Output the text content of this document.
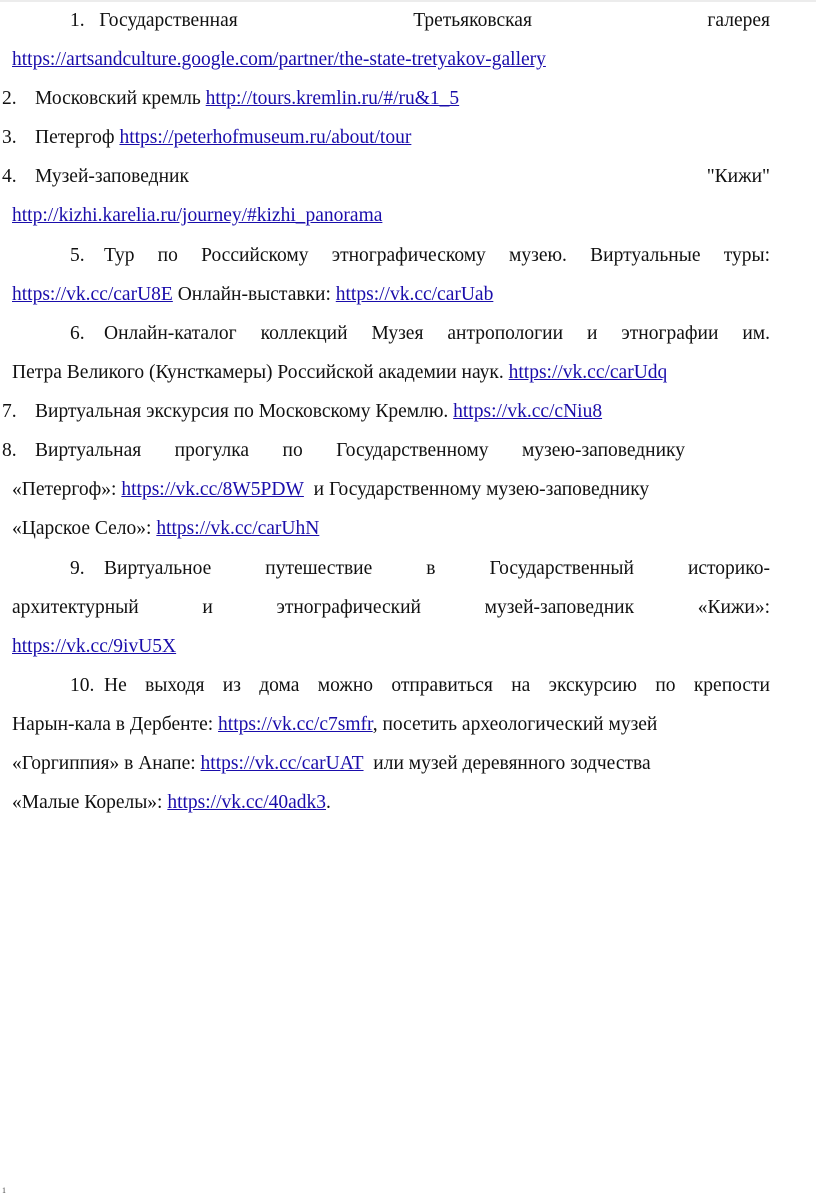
1. Государственная	Третьяковская	галерея
https://artsandculture.google.com/partner/the-state-tretyakov-gallery
2. Московский кремль http://tours.kremlin.ru/#/ru&1_5
3. Петергоф https://peterhofmuseum.ru/about/tour
4. Музей-заповедник	"Кижи"
http://kizhi.karelia.ru/journey/#kizhi_panorama
5. Тур по Российскому этнографическому музею. Виртуальные туры:
https://vk.cc/carU8E Онлайн-выставки: https://vk.cc/carUab
6. Онлайн-каталог коллекций Музея антропологии и этнографии им.
Петра Великого (Кунсткамеры) Российской академии наук. https://vk.cc/carUdq
7. Виртуальная экскурсия по Московскому Кремлю. https://vk.cc/cNiu8
8. Виртуальная прогулка по Государственному музею-заповеднику
«Петергоф»: https://vk.cc/8W5PDW и Государственному музею-заповеднику
«Царское Село»: https://vk.cc/carUhN
9. Виртуальное	путешествие	в	Государственный	историко-
архитектурный	и	этнографический	музей-заповедник	«Кижи»:
https://vk.cc/9ivU5X
10. Не выходя из дома можно отправиться на экскурсию по крепости
Нарын-кала в Дербенте: https://vk.cc/c7smfr, посетить археологический музей
«Горгиппия» в Анапе: https://vk.cc/carUAT или музей деревянного зодчества
«Малые Корелы»: https://vk.cc/40adk3.
1
